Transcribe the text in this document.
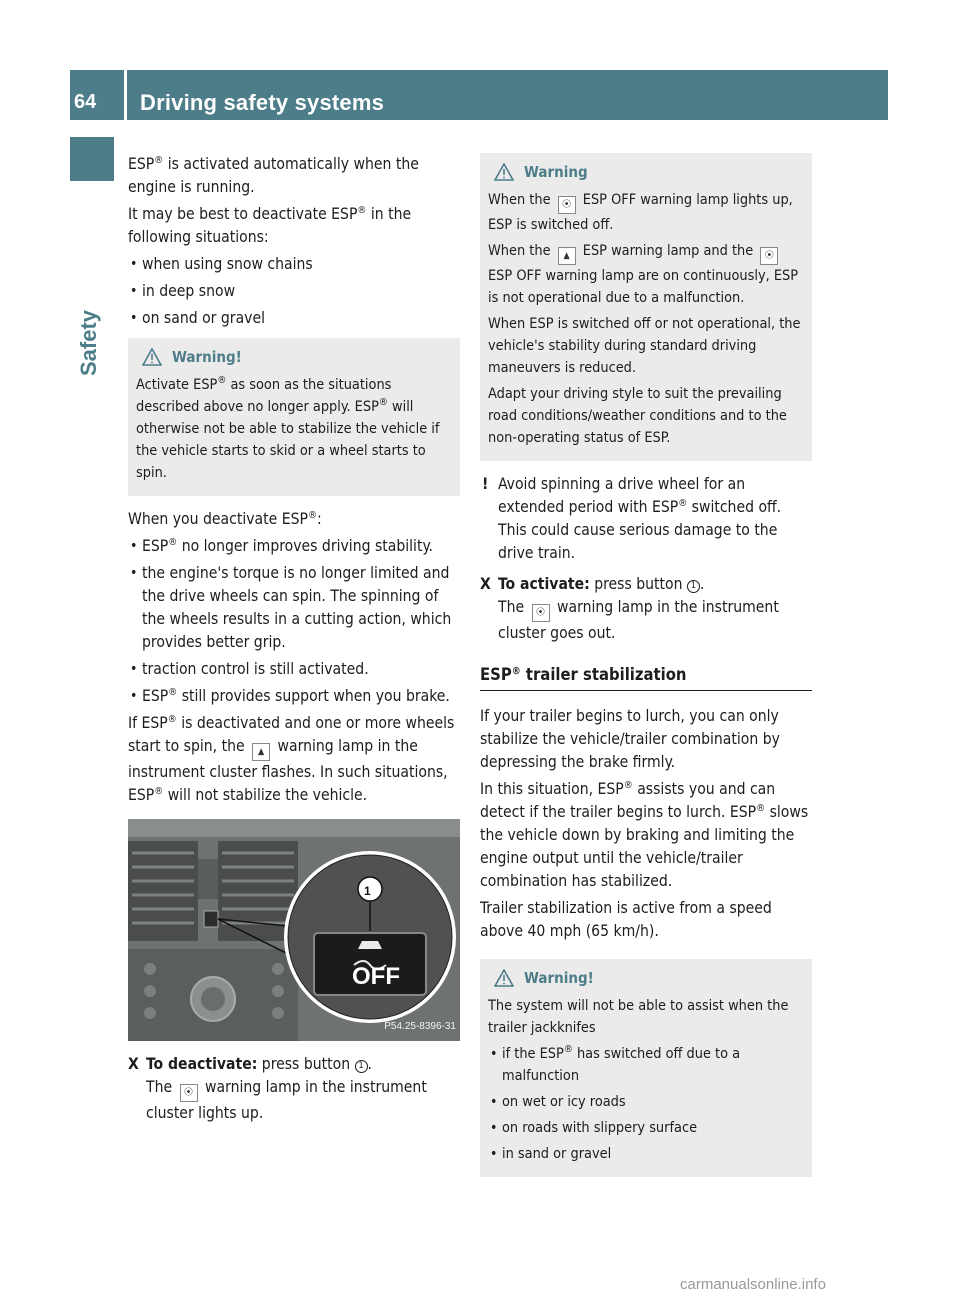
64 Driving safety systems
Safety

ESP® is activated automatically when the engine is running.

It may be best to deactivate ESP® in the following situations:

• when using snow chains
• in deep snow
• on sand or gravel
Warning!

Activate ESP® as soon as the situations described above no longer apply. ESP® will otherwise not be able to stabilize the vehicle if the vehicle starts to skid or a wheel starts to spin.

When you deactivate ESP®:

• ESP® no longer improves driving stability.
• the engine's torque is no longer limited and the drive wheels can spin. The spinning of the wheels results in a cutting action, which provides better grip.
• traction control is still activated.
• ESP® still provides support when you brake.

If ESP® is deactivated and one or more wheels start to spin, the ▲ warning lamp in the instrument cluster flashes. In such situations, ESP® will not stabilize the vehicle.

1
OFF
P54.25-8396-31
X To deactivate: press button 1 .
The ⦿ warning lamp in the instrument cluster lights up.
Warning

When the ⦿ ESP OFF warning lamp lights up, ESP is switched off.

When the ▲ ESP warning lamp and the ⦿ ESP OFF warning lamp are on continuously, ESP is not operational due to a malfunction.

When ESP is switched off or not operational, the vehicle's stability during standard driving maneuvers is reduced.

Adapt your driving style to suit the prevailing road conditions/weather conditions and to the non-operating status of ESP.

! Avoid spinning a drive wheel for an extended period with ESP® switched off. This could cause serious damage to the drive train.
X To activate: press button 1 .
The ⦿ warning lamp in the instrument cluster goes out.
ESP® trailer stabilization

If your trailer begins to lurch, you can only stabilize the vehicle/trailer combination by depressing the brake firmly.

In this situation, ESP® assists you and can detect if the trailer begins to lurch. ESP® slows the vehicle down by braking and limiting the engine output until the vehicle/trailer combination has stabilized.

Trailer stabilization is active from a speed above 40 mph (65 km/h).

Warning!

The system will not be able to assist when the trailer jackknifes

• if the ESP® has switched off due to a malfunction
• on wet or icy roads
• on roads with slippery surface
• in sand or gravel
carmanualsonline.info
